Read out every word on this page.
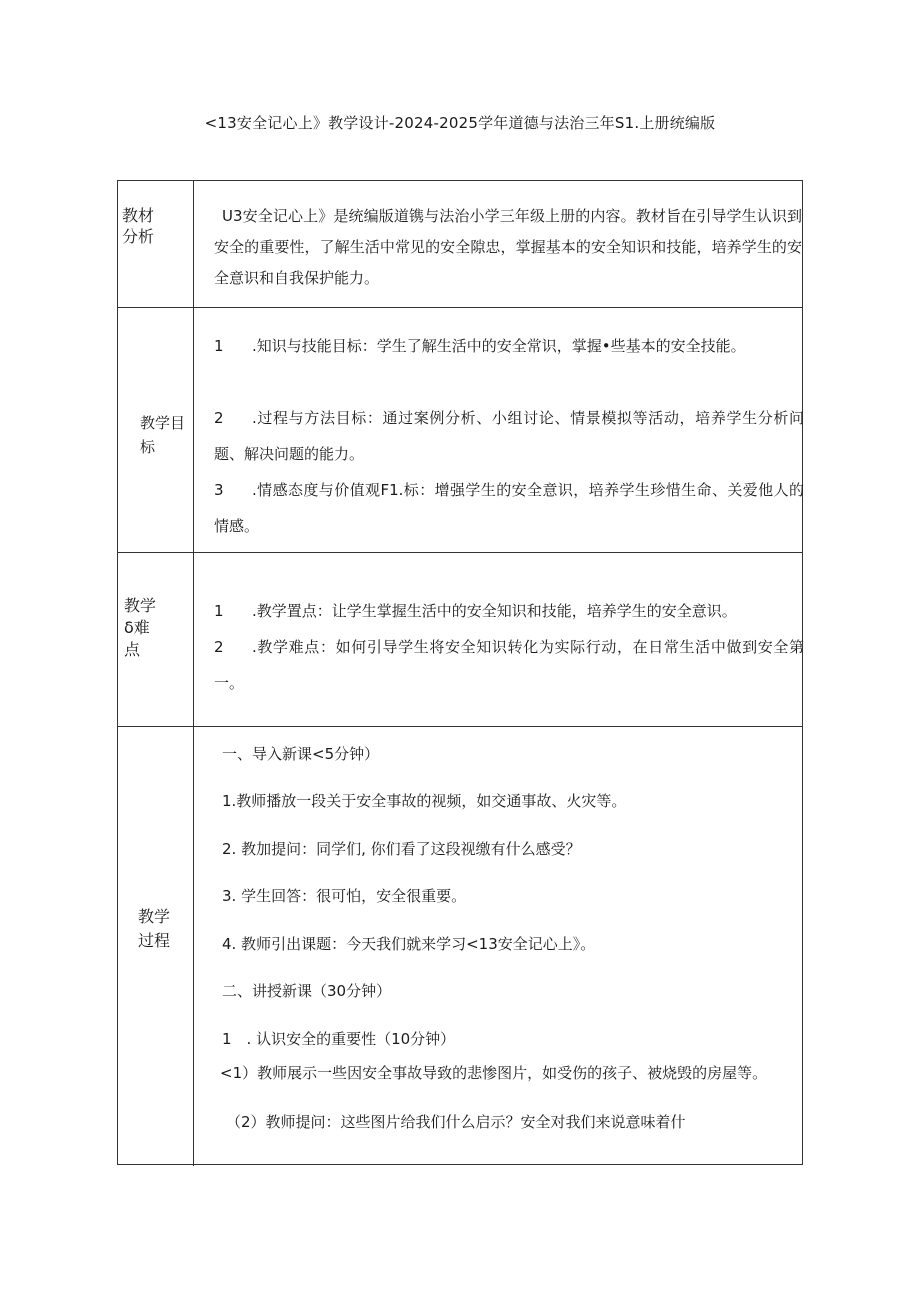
<13安全记心上》教学设计-2024-2025学年道德与法治三年S1.上册统编版
教材分析
U3安全记心上》是统编版道镌与法治小学三年级上册的内容。教材旨在引导学生认识到安全的重要性，了解生活中常见的安全隙忠，掌握基本的安全知识和技能，培养学生的安全意识和自我保护能力。
教学目标
1 .知识与技能目标：学生了解生活中的安全常识，掌握•些基本的安全技能。
2 .过程与方法目标：通过案例分析、小组讨论、情景模拟等活动，培养学生分析问题、解决问题的能力。
3 .情感态度与价值观F1.标：增强学生的安全意识，培养学生珍惜生命、关爱他人的情感。
教学δ难点
1 .教学置点：让学生掌握生活中的安全知识和技能，培养学生的安全意识。
2 .教学难点：如何引导学生将安全知识转化为实际行动，在日常生活中做到安全第一。
教学过程
一、导入新课<5分钟）
1.教师播放一段关于安全事故的视频，如交通事故、火灾等。
2. 教加提问：同学们, 你们看了这段视缴有什么感受？
3. 学生回答：很可怕，安全很重要。
4. 教师引出课题：今天我们就来学习<13安全记心上》。
二、讲授新课（30分钟）
1　. 认识安全的重要性（10分钟）
<1）教师展示一些因安全事故导致的悲惨图片，如受伤的孩子、被烧毁的房屋等。
（2）教师提问：这些图片给我们什么启示？安全对我们来说意味着什
